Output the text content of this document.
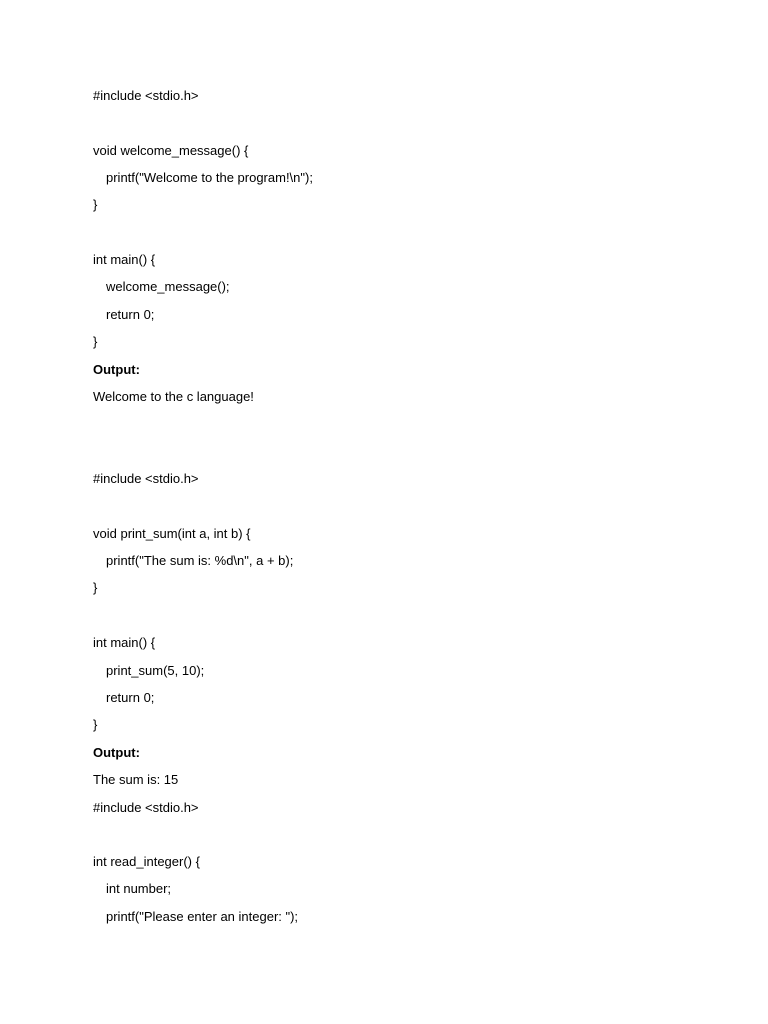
#include <stdio.h>
void welcome_message() {
printf("Welcome to the program!\n");
}
int main() {
welcome_message();
return 0;
}
Output:
Welcome to the c language!
#include <stdio.h>
void print_sum(int a, int b) {
printf("The sum is: %d\n", a + b);
}
int main() {
print_sum(5, 10);
return 0;
}
Output:
The sum is: 15
#include <stdio.h>
int read_integer() {
int number;
printf("Please enter an integer: ");
